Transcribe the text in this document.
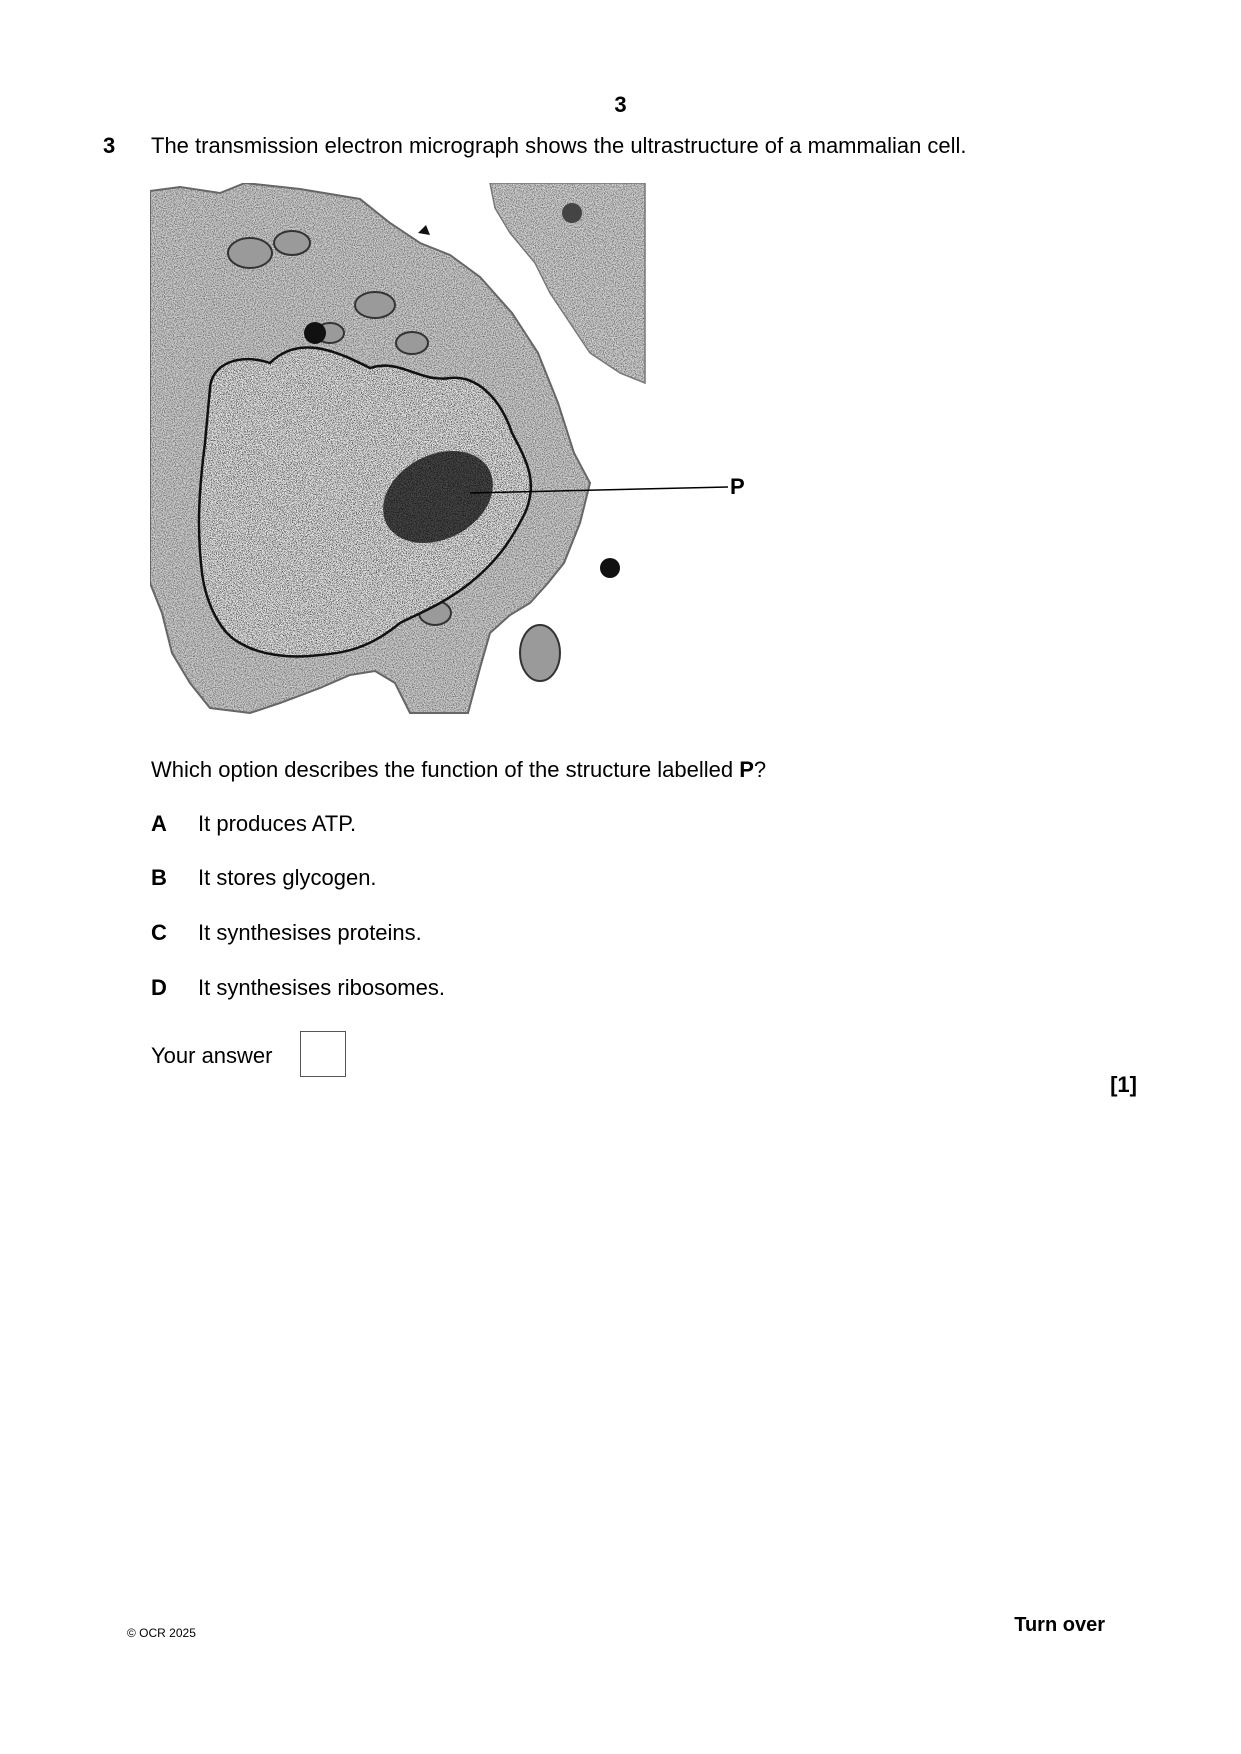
3
3 The transmission electron micrograph shows the ultrastructure of a mammalian cell.
P
Which option describes the function of the structure labelled P?
A It produces ATP.
B It stores glycogen.
C It synthesises proteins.
D It synthesises ribosomes.
Your answer
[1]
© OCR 2025	Turn over
